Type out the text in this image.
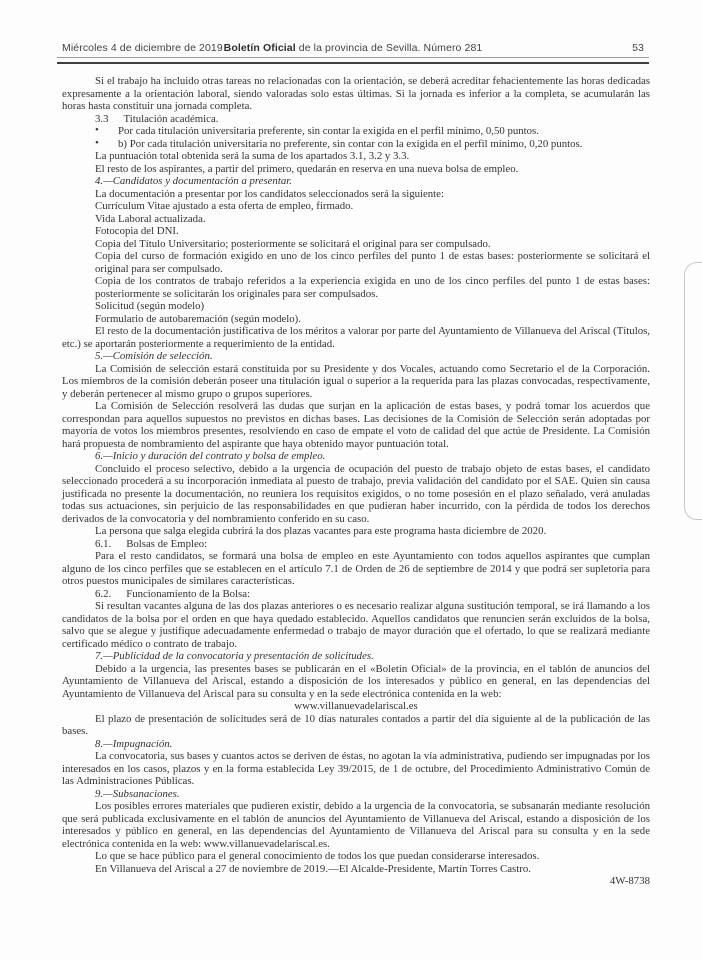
Miércoles 4 de diciembre de 2019 Boletín Oficial de la provincia de Sevilla. Número 281	53
Si el trabajo ha incluido otras tareas no relacionadas con la orientación, se deberá acreditar fehacientemente las horas dedicadas expresamente a la orientación laboral, siendo valoradas solo estas últimas. Si la jornada es inferior a la completa, se acumularán las horas hasta constituir una jornada completa.
3.3 Titulación académica.
• Por cada titulación universitaria preferente, sin contar la exigida en el perfil mínimo, 0,50 puntos.
• b) Por cada titulación universitaria no preferente, sin contar con la exigida en el perfil mínimo, 0,20 puntos.
La puntuación total obtenida será la suma de los apartados 3.1, 3.2 y 3.3.
El resto de los aspirantes, a partir del primero, quedarán en reserva en una nueva bolsa de empleo.
4.—Candidatos y documentación a presentar.
La documentación a presentar por los candidatos seleccionados será la siguiente:
Currículum Vitae ajustado a esta oferta de empleo, firmado.
Vida Laboral actualizada.
Fotocopia del DNI.
Copia del Título Universitario; posteriormente se solicitará el original para ser compulsado.
Copia del curso de formación exigido en uno de los cinco perfiles del punto 1 de estas bases: posteriormente se solicitará el original para ser compulsado.
Copia de los contratos de trabajo referidos a la experiencia exigida en uno de los cinco perfiles del punto 1 de estas bases: posteriormente se solicitarán los originales para ser compulsados.
Solicitud (según modelo)
Formulario de autobaremación (según modelo).
El resto de la documentación justificativa de los méritos a valorar por parte del Ayuntamiento de Villanueva del Ariscal (Títulos, etc.) se aportarán posteriormente a requerimiento de la entidad.
5.—Comisión de selección.
La Comisión de selección estará constituida por su Presidente y dos Vocales, actuando como Secretario el de la Corporación. Los miembros de la comisión deberán poseer una titulación igual o superior a la requerida para las plazas convocadas, respectivamente, y deberán pertenecer al mismo grupo o grupos superiores.
La Comisión de Selección resolverá las dudas que surjan en la aplicación de estas bases, y podrá tomar los acuerdos que correspondan para aquellos supuestos no previstos en dichas bases. Las decisiones de la Comisión de Selección serán adoptadas por mayoría de votos los miembros presentes, resolviendo en caso de empate el voto de calidad del que actúe de Presidente. La Comisión hará propuesta de nombramiento del aspirante que haya obtenido mayor puntuación total.
6.—Inicio y duración del contrato y bolsa de empleo.
Concluido el proceso selectivo, debido a la urgencia de ocupación del puesto de trabajo objeto de estas bases, el candidato seleccionado procederá a su incorporación inmediata al puesto de trabajo, previa validación del candidato por el SAE. Quien sin causa justificada no presente la documentación, no reuniera los requisitos exigidos, o no tome posesión en el plazo señalado, verá anuladas todas sus actuaciones, sin perjuicio de las responsabilidades en que pudieran haber incurrido, con la pérdida de todos los derechos derivados de la convocatoria y del nombramiento conferido en su caso.
La persona que salga elegida cubrirá la dos plazas vacantes para este programa hasta diciembre de 2020.
6.1. Bolsas de Empleo:
Para el resto candidatos, se formará una bolsa de empleo en este Ayuntamiento con todos aquellos aspirantes que cumplan alguno de los cinco perfiles que se establecen en el artículo 7.1 de Orden de 26 de septiembre de 2014 y que podrá ser supletoria para otros puestos municipales de similares características.
6.2. Funcionamiento de la Bolsa:
Si resultan vacantes alguna de las dos plazas anteriores o es necesario realizar alguna sustitución temporal, se irá llamando a los candidatos de la bolsa por el orden en que haya quedado establecido. Aquellos candidatos que renuncien serán excluidos de la bolsa, salvo que se alegue y justifique adecuadamente enfermedad o trabajo de mayor duración que el ofertado, lo que se realizará mediante certificado médico o contrato de trabajo.
7.—Publicidad de la convocatoria y presentación de solicitudes.
Debido a la urgencia, las presentes bases se publicarán en el «Boletín Oficial» de la provincia, en el tablón de anuncios del Ayuntamiento de Villanueva del Ariscal, estando a disposición de los interesados y público en general, en las dependencias del Ayuntamiento de Villanueva del Ariscal para su consulta y en la sede electrónica contenida en la web:
www.villanuevadelariscal.es
El plazo de presentación de solicitudes será de 10 días naturales contados a partir del día siguiente al de la publicación de las bases.
8.—Impugnación.
La convocatoria, sus bases y cuantos actos se deriven de éstas, no agotan la vía administrativa, pudiendo ser impugnadas por los interesados en los casos, plazos y en la forma establecida Ley 39/2015, de 1 de octubre, del Procedimiento Administrativo Común de las Administraciones Públicas.
9.—Subsanaciones.
Los posibles errores materiales que pudieren existir, debido a la urgencia de la convocatoria, se subsanarán mediante resolución que será publicada exclusivamente en el tablón de anuncios del Ayuntamiento de Villanueva del Ariscal, estando a disposición de los interesados y público en general, en las dependencias del Ayuntamiento de Villanueva del Ariscal para su consulta y en la sede electrónica contenida en la web: www.villanuevadelariscal.es.
Lo que se hace público para el general conocimiento de todos los que puedan considerarse interesados.
En Villanueva del Ariscal a 27 de noviembre de 2019.—El Alcalde-Presidente, Martín Torres Castro.
4W-8738
